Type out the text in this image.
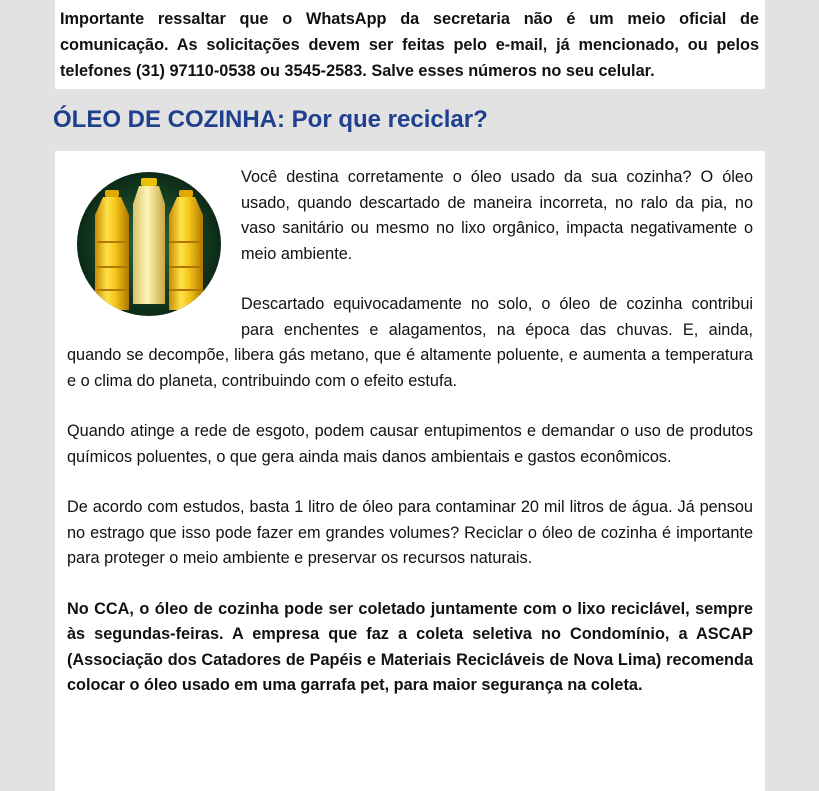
Importante ressaltar que o WhatsApp da secretaria não é um meio oficial de comunicação. As solicitações devem ser feitas pelo e-mail, já mencionado, ou pelos telefones (31) 97110-0538 ou 3545-2583. Salve esses números no seu celular.

ÓLEO DE COZINHA: Por que reciclar?

Você destina corretamente o óleo usado da sua cozinha? O óleo usado, quando descartado de maneira incorreta, no ralo da pia, no vaso sanitário ou mesmo no lixo orgânico, impacta negativamente o meio ambiente.

Descartado equivocadamente no solo, o óleo de cozinha contribui para enchentes e alagamentos, na época das chuvas. E, ainda, quando se decompõe, libera gás metano, que é altamente poluente, e aumenta a temperatura e o clima do planeta, contribuindo com o efeito estufa.

Quando atinge a rede de esgoto, podem causar entupimentos e demandar o uso de produtos químicos poluentes, o que gera ainda mais danos ambientais e gastos econômicos.

De acordo com estudos, basta 1 litro de óleo para contaminar 20 mil litros de água. Já pensou no estrago que isso pode fazer em grandes volumes? Reciclar o óleo de cozinha é importante para proteger o meio ambiente e preservar os recursos naturais.

No CCA, o óleo de cozinha pode ser coletado juntamente com o lixo reciclável, sempre às segundas-feiras. A empresa que faz a coleta seletiva no Condomínio, a ASCAP (Associação dos Catadores de Papéis e Materiais Recicláveis de Nova Lima) recomenda colocar o óleo usado em uma garrafa pet, para maior segurança na coleta.
